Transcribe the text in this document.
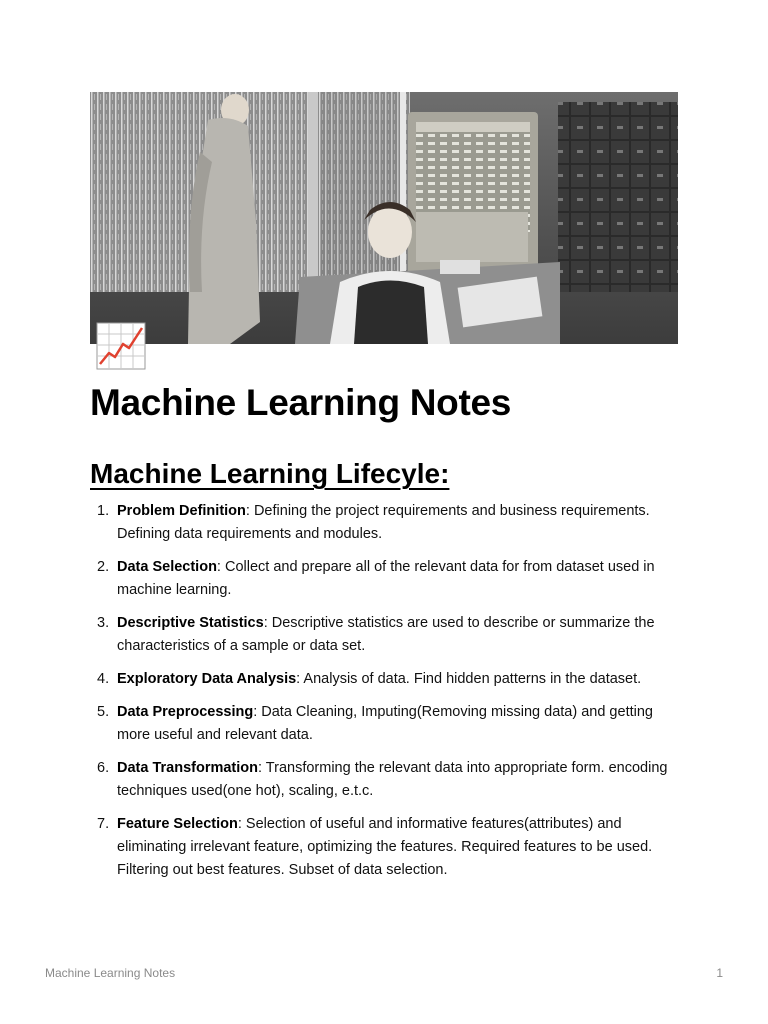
Machine Learning Notes
Machine Learning Lifecyle:
1. Problem Definition: Defining the project requirements and business requirements. Defining data requirements and modules.
2. Data Selection: Collect and prepare all of the relevant data for from dataset used in machine learning.
3. Descriptive Statistics: Descriptive statistics are used to describe or summarize the characteristics of a sample or data set.
4. Exploratory Data Analysis: Analysis of data. Find hidden patterns in the dataset.
5. Data Preprocessing: Data Cleaning, Imputing(Removing missing data) and getting more useful and relevant data.
6. Data Transformation: Transforming the relevant data into appropriate form. encoding techniques used(one hot), scaling, e.t.c.
7. Feature Selection: Selection of useful and informative features(attributes) and eliminating irrelevant feature, optimizing the features. Required features to be used. Filtering out best features. Subset of data selection.
Machine Learning Notes	1
